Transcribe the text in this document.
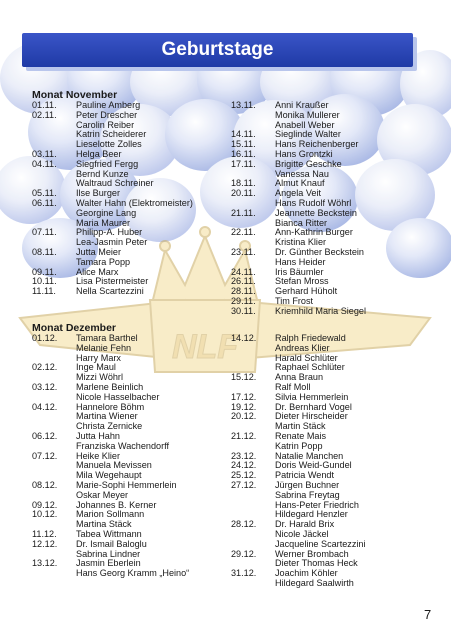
NLF
Geburtstage
Monat November
01.11.	Pauline Amberg
02.11.	Peter Drescher
Carolin Reiber
Katrin Scheiderer
Lieselotte Zolles
03.11.	Helga Beer
04.11.	Siegfried Fergg
Bernd Kunze
Waltraud Schreiner
05.11.	Ilse Burger
06.11.	Walter Hahn (Elektromeister)
Georgine Lang
Maria Maurer
07.11.	Philipp-A. Huber
Lea-Jasmin Peter
08.11.	Jutta Meier
Tamara Popp
09.11.	Alice Marx
10.11.	Lisa Pistermeister
11.11.	Nella Scartezzini
13.11.	Anni Kraußer
Monika Mullerer
Anabell Weber
14.11.	Sieglinde Walter
15.11.	Hans Reichenberger
16.11.	Hans Grontzki
17.11.	Brigitte Geschke
Vanessa Nau
18.11.	Almut Knauf
20.11.	Angela Veit
Hans Rudolf Wöhrl
21.11.	Jeannette Beckstein
Bianca Ritter
22.11.	Ann-Kathrin Burger
Kristina Klier
23.11.	Dr. Günther Beckstein
Hans Heider
24.11.	Iris Bäumler
26.11.	Stefan Mross
28.11.	Gerhard Hüholt
29.11.	Tim Frost
30.11.	Kriemhild Maria Siegel
Monat Dezember
01.12.	Tamara Barthel
Melanie Fehn
Harry Marx
02.12.	Inge Maul
Mizzi Wöhrl
03.12.	Marlene Beinlich
Nicole Hasselbacher
04.12.	Hannelore Böhm
Martina Wiener
Christa Zernicke
06.12.	Jutta Hahn
Franziska Wachendorff
07.12.	Heike Klier
Manuela Mevissen
Mila Wegehaupt
08.12.	Marie-Sophi Hemmerlein
Oskar Meyer
09.12.	Johannes B. Kerner
10.12.	Marion Sollmann
Martina Stäck
11.12.	Tabea Wittmann
12.12.	Dr. Ismail Baloglu
Sabrina Lindner
13.12.	Jasmin Eberlein
Hans Georg Kramm „Heino“
14.12.	Ralph Friedewald
Andreas Klier
Harald Schlüter
Raphael Schlüter
15.12.	Anna Braun
Ralf Moll
17.12.	Silvia Hemmerlein
19.12.	Dr. Bernhard Vogel
20.12.	Dieter Hirscheider
Martin Stäck
21.12.	Renate Mais
Katrin Popp
23.12.	Natalie Manchen
24.12.	Doris Weid-Gundel
25.12.	Patricia Wendt
27.12.	Jürgen Buchner
Sabrina Freytag
Hans-Peter Friedrich
Hildegard Henzler
28.12.	Dr. Harald Brix
Nicole Jäckel
Jacqueline Scartezzini
29.12.	Werner Brombach
Dieter Thomas Heck
31.12.	Joachim Köhler
Hildegard Saalwirth
7
